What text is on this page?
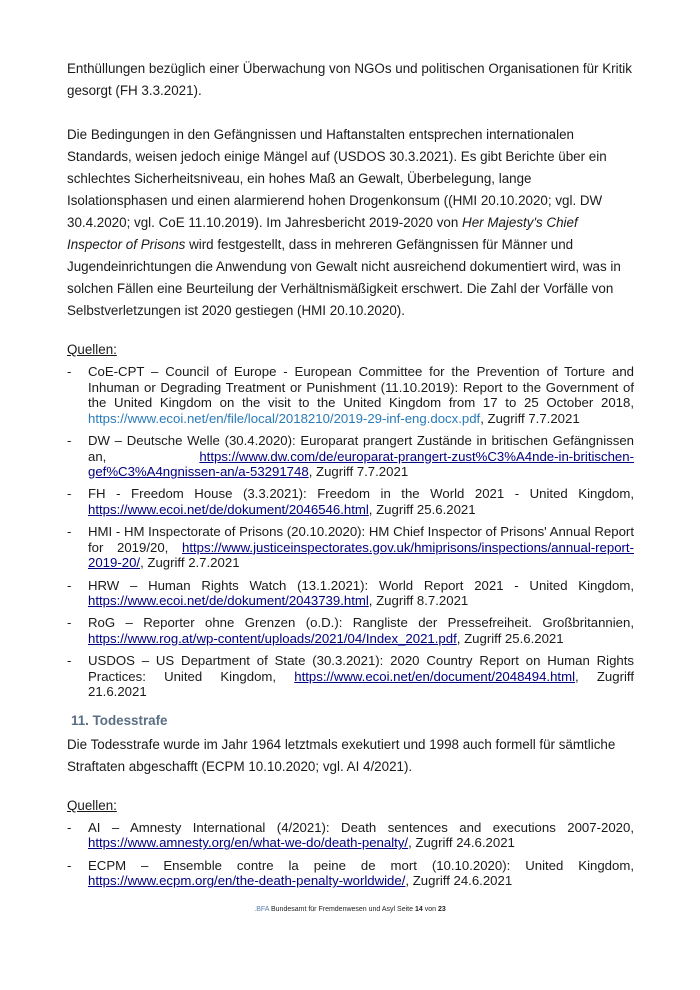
Enthüllungen bezüglich einer Überwachung von NGOs und politischen Organisationen für Kritik gesorgt (FH 3.3.2021).

Die Bedingungen in den Gefängnissen und Haftanstalten entsprechen internationalen Standards, weisen jedoch einige Mängel auf (USDOS 30.3.2021). Es gibt Berichte über ein schlechtes Sicherheitsniveau, ein hohes Maß an Gewalt, Überbelegung, lange Isolationsphasen und einen alarmierend hohen Drogenkonsum ((HMI 20.10.2020; vgl. DW 30.4.2020; vgl. CoE 11.10.2019). Im Jahresbericht 2019-2020 von Her Majesty's Chief Inspector of Prisons wird festgestellt, dass in mehreren Gefängnissen für Männer und Jugendeinrichtungen die Anwendung von Gewalt nicht ausreichend dokumentiert wird, was in solchen Fällen eine Beurteilung der Verhältnismäßigkeit erschwert. Die Zahl der Vorfälle von Selbstverletzungen ist 2020 gestiegen (HMI 20.10.2020).

Quellen:
- CoE-CPT – Council of Europe - European Committee for the Prevention of Torture and Inhuman or Degrading Treatment or Punishment (11.10.2019): Report to the Government of the United Kingdom on the visit to the United Kingdom from 17 to 25 October 2018, https://www.ecoi.net/en/file/local/2018210/2019-29-inf-eng.docx.pdf, Zugriff 7.7.2021
- DW – Deutsche Welle (30.4.2020): Europarat prangert Zustände in britischen Gefängnissen an, https://www.dw.com/de/europarat-prangert-zust%C3%A4nde-in-britischen-gef%C3%A4ngnissen-an/a-53291748, Zugriff 7.7.2021
- FH - Freedom House (3.3.2021): Freedom in the World 2021 - United Kingdom, https://www.ecoi.net/de/dokument/2046546.html, Zugriff 25.6.2021
- HMI - HM Inspectorate of Prisons (20.10.2020): HM Chief Inspector of Prisons' Annual Report for 2019/20, https://www.justiceinspectorates.gov.uk/hmiprisons/inspections/annual-report-2019-20/, Zugriff 2.7.2021
- HRW – Human Rights Watch (13.1.2021): World Report 2021 - United Kingdom, https://www.ecoi.net/de/dokument/2043739.html, Zugriff 8.7.2021
- RoG – Reporter ohne Grenzen (o.D.): Rangliste der Pressefreiheit. Großbritannien, https://www.rog.at/wp-content/uploads/2021/04/Index_2021.pdf, Zugriff 25.6.2021
- USDOS – US Department of State (30.3.2021): 2020 Country Report on Human Rights Practices: United Kingdom, https://www.ecoi.net/en/document/2048494.html, Zugriff 21.6.2021
11. Todesstrafe

Die Todesstrafe wurde im Jahr 1964 letztmals exekutiert und 1998 auch formell für sämtliche Straftaten abgeschafft (ECPM 10.10.2020; vgl. AI 4/2021).

Quellen:
- AI – Amnesty International (4/2021): Death sentences and executions 2007-2020, https://www.amnesty.org/en/what-we-do/death-penalty/, Zugriff 24.6.2021
- ECPM – Ensemble contre la peine de mort (10.10.2020): United Kingdom, https://www.ecpm.org/en/the-death-penalty-worldwide/, Zugriff 24.6.2021
.BFA Bundesamt für Fremdenwesen und Asyl Seite 14 von 23
